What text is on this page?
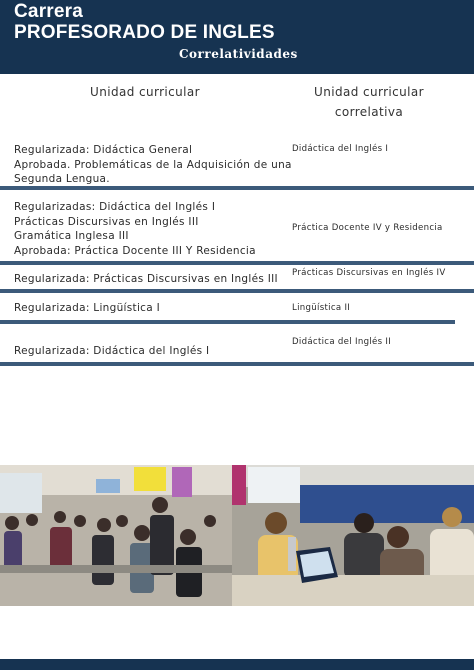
Carrera
PROFESORADO DE INGLES
Correlatividades
Unidad curricular	Unidad curricular
correlativa
Regularizada: Didáctica General
Aprobada. Problemáticas de la Adquisición de una
Segunda Lengua.
Didáctica del Inglés I
Regularizadas: Didáctica del Inglés I
Prácticas Discursivas en Inglés III
Gramática Inglesa III
Aprobada: Práctica Docente III Y Residencia
Práctica Docente IV y Residencia
Regularizada: Prácticas Discursivas en Inglés III Prácticas Discursivas en Inglés IV
Regularizada: Lingüística I	Lingüística II
Regularizada: Didáctica del Inglés I
Didáctica del Inglés II
